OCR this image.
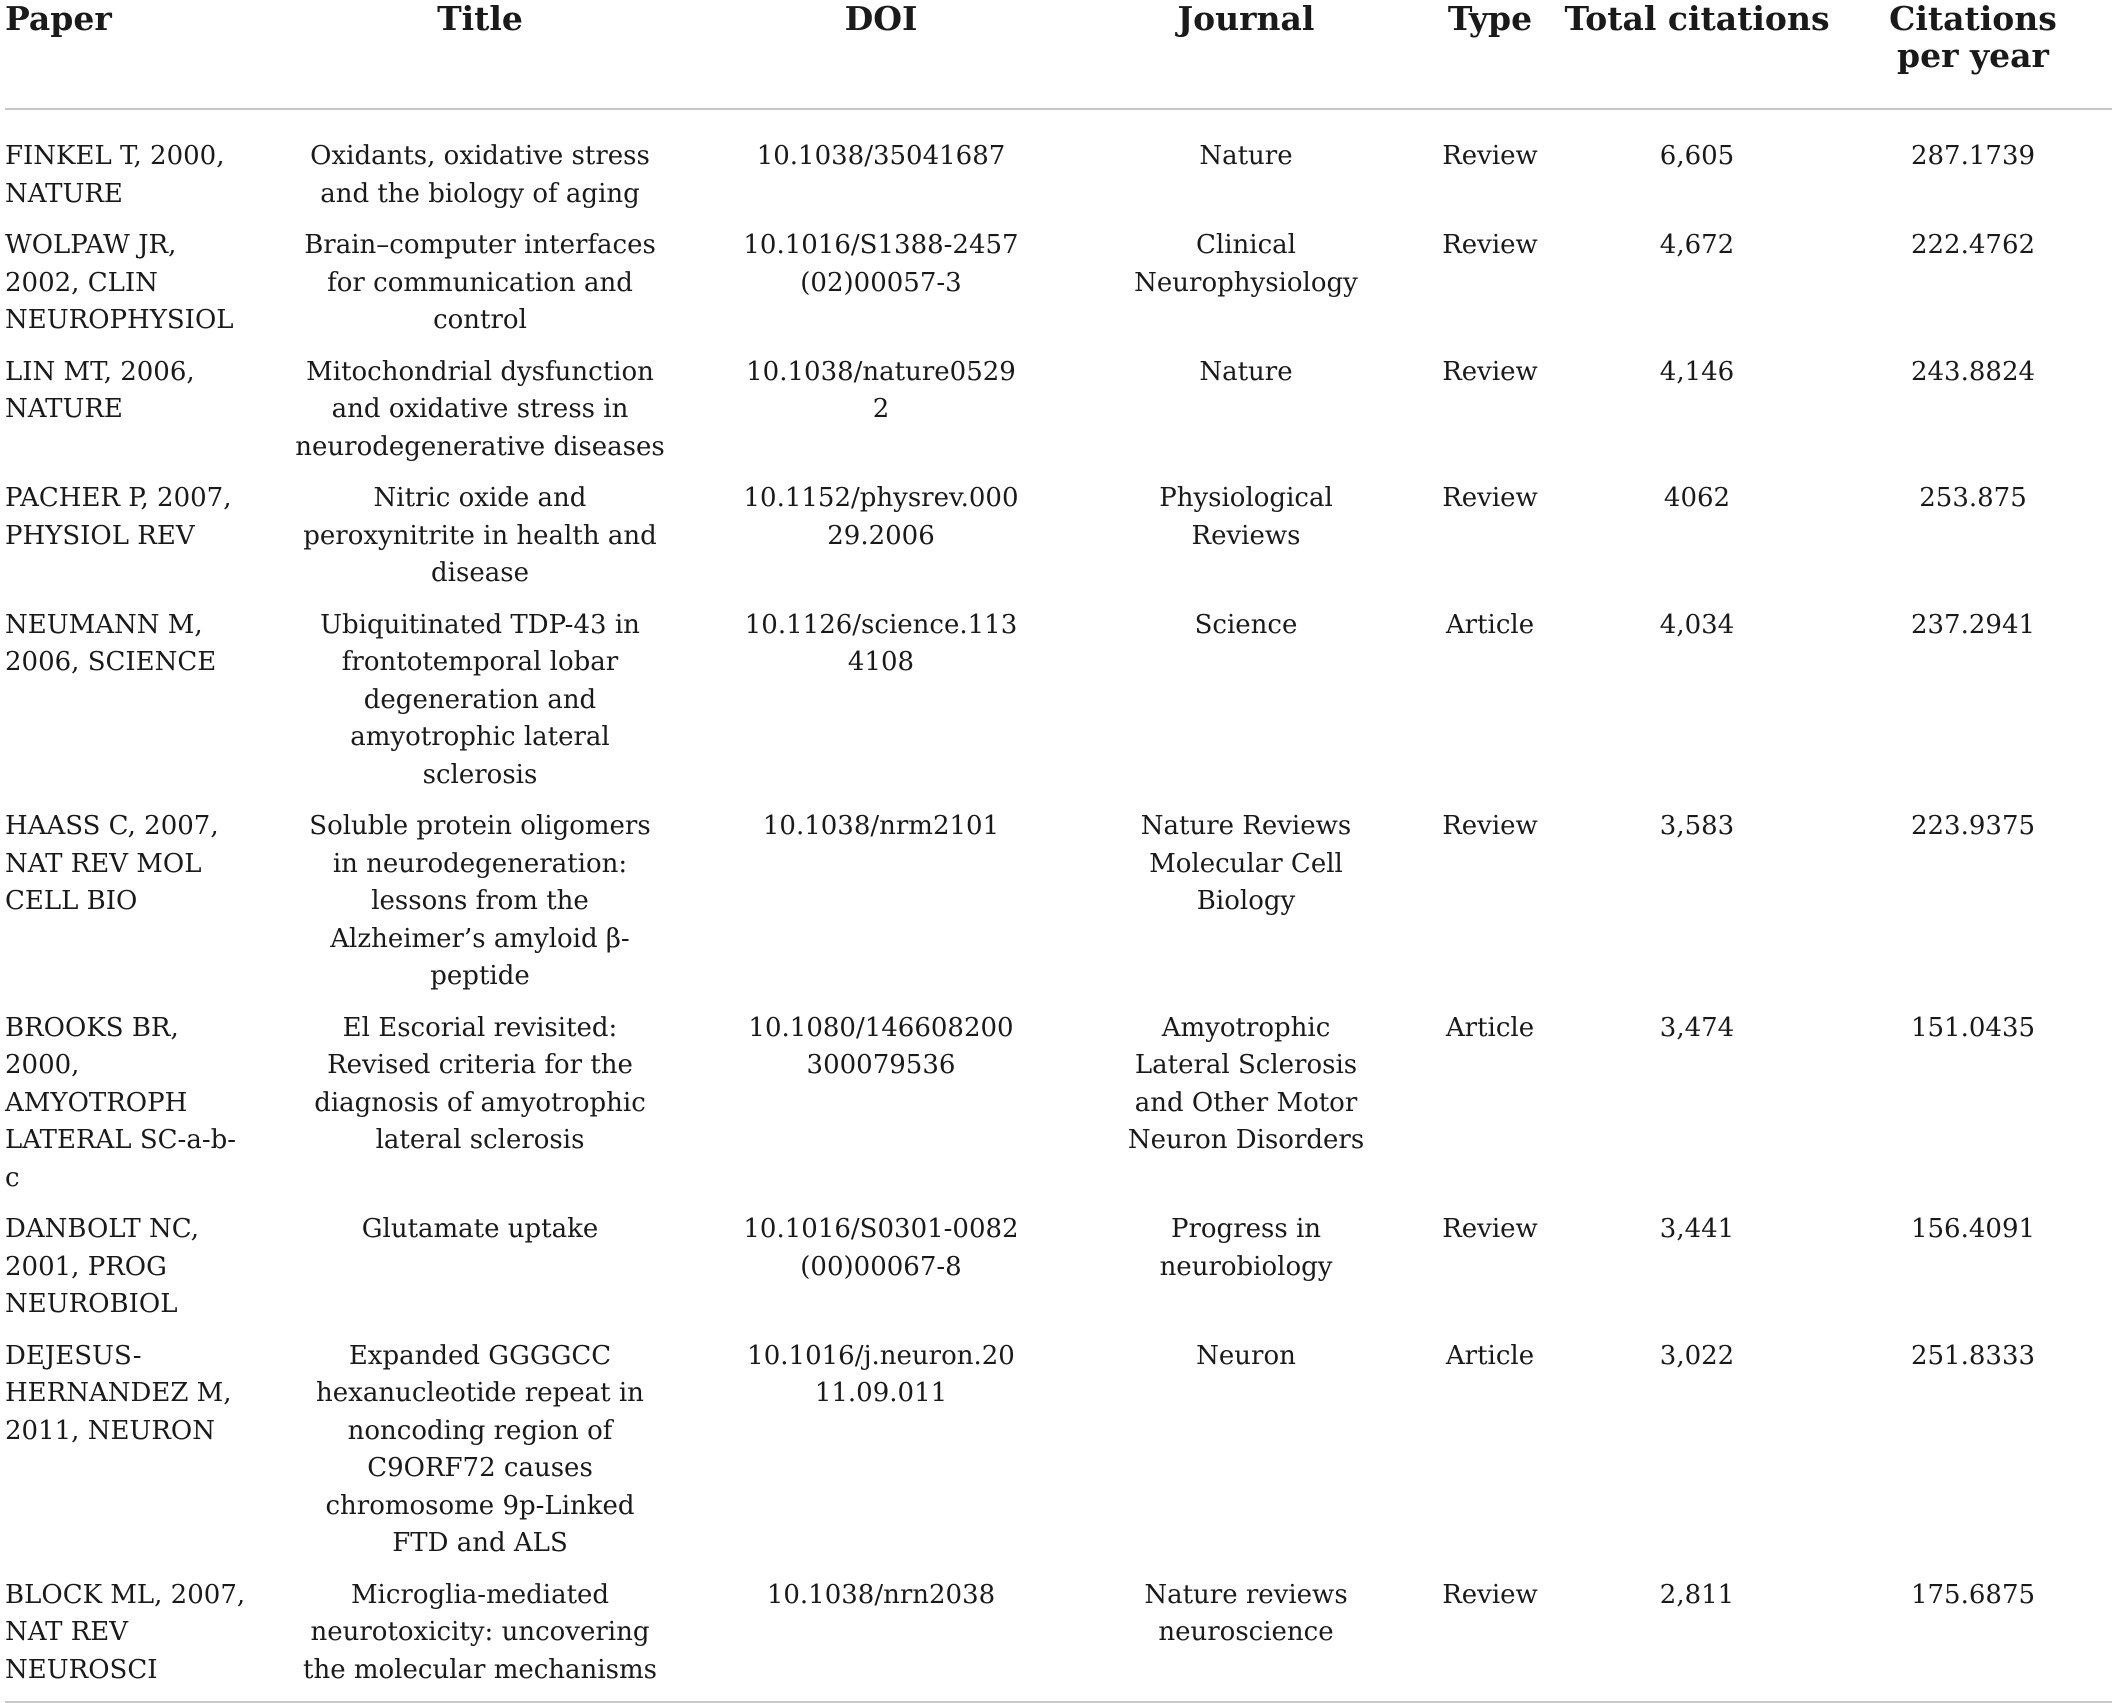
Paper	Title	DOI	Journal	Type	Total citations	Citations per year
FINKEL T, 2000, NATURE	Oxidants, oxidative stress and the biology of aging	10.1038/35041687	Nature	Review	6,605	287.1739
WOLPAW JR, 2002, CLIN NEUROPHYSIOL	Brain–computer interfaces for communication and control	10.1016/S1388-2457(02)00057-3	Clinical Neurophysiology	Review	4,672	222.4762
LIN MT, 2006, NATURE	Mitochondrial dysfunction and oxidative stress in neurodegenerative diseases	10.1038/nature05292	Nature	Review	4,146	243.8824
PACHER P, 2007, PHYSIOL REV	Nitric oxide and peroxynitrite in health and disease	10.1152/physrev.00029.2006	Physiological Reviews	Review	4062	253.875
NEUMANN M, 2006, SCIENCE	Ubiquitinated TDP-43 in frontotemporal lobar degeneration and amyotrophic lateral sclerosis	10.1126/science.1134108	Science	Article	4,034	237.2941
HAASS C, 2007, NAT REV MOL CELL BIO	Soluble protein oligomers in neurodegeneration: lessons from the Alzheimer’s amyloid β-peptide	10.1038/nrm2101	Nature Reviews Molecular Cell Biology	Review	3,583	223.9375
BROOKS BR, 2000, AMYOTROPH LATERAL SC-a-b-c	El Escorial revisited: Revised criteria for the diagnosis of amyotrophic lateral sclerosis	10.1080/146608200300079536	Amyotrophic Lateral Sclerosis and Other Motor Neuron Disorders	Article	3,474	151.0435
DANBOLT NC, 2001, PROG NEUROBIOL	Glutamate uptake	10.1016/S0301-0082(00)00067-8	Progress in neurobiology	Review	3,441	156.4091
DEJESUS-HERNANDEZ M, 2011, NEURON	Expanded GGGGCC hexanucleotide repeat in noncoding region of C9ORF72 causes chromosome 9p-Linked FTD and ALS	10.1016/j.neuron.2011.09.011	Neuron	Article	3,022	251.8333
BLOCK ML, 2007, NAT REV NEUROSCI	Microglia-mediated neurotoxicity: uncovering the molecular mechanisms	10.1038/nrn2038	Nature reviews neuroscience	Review	2,811	175.6875
